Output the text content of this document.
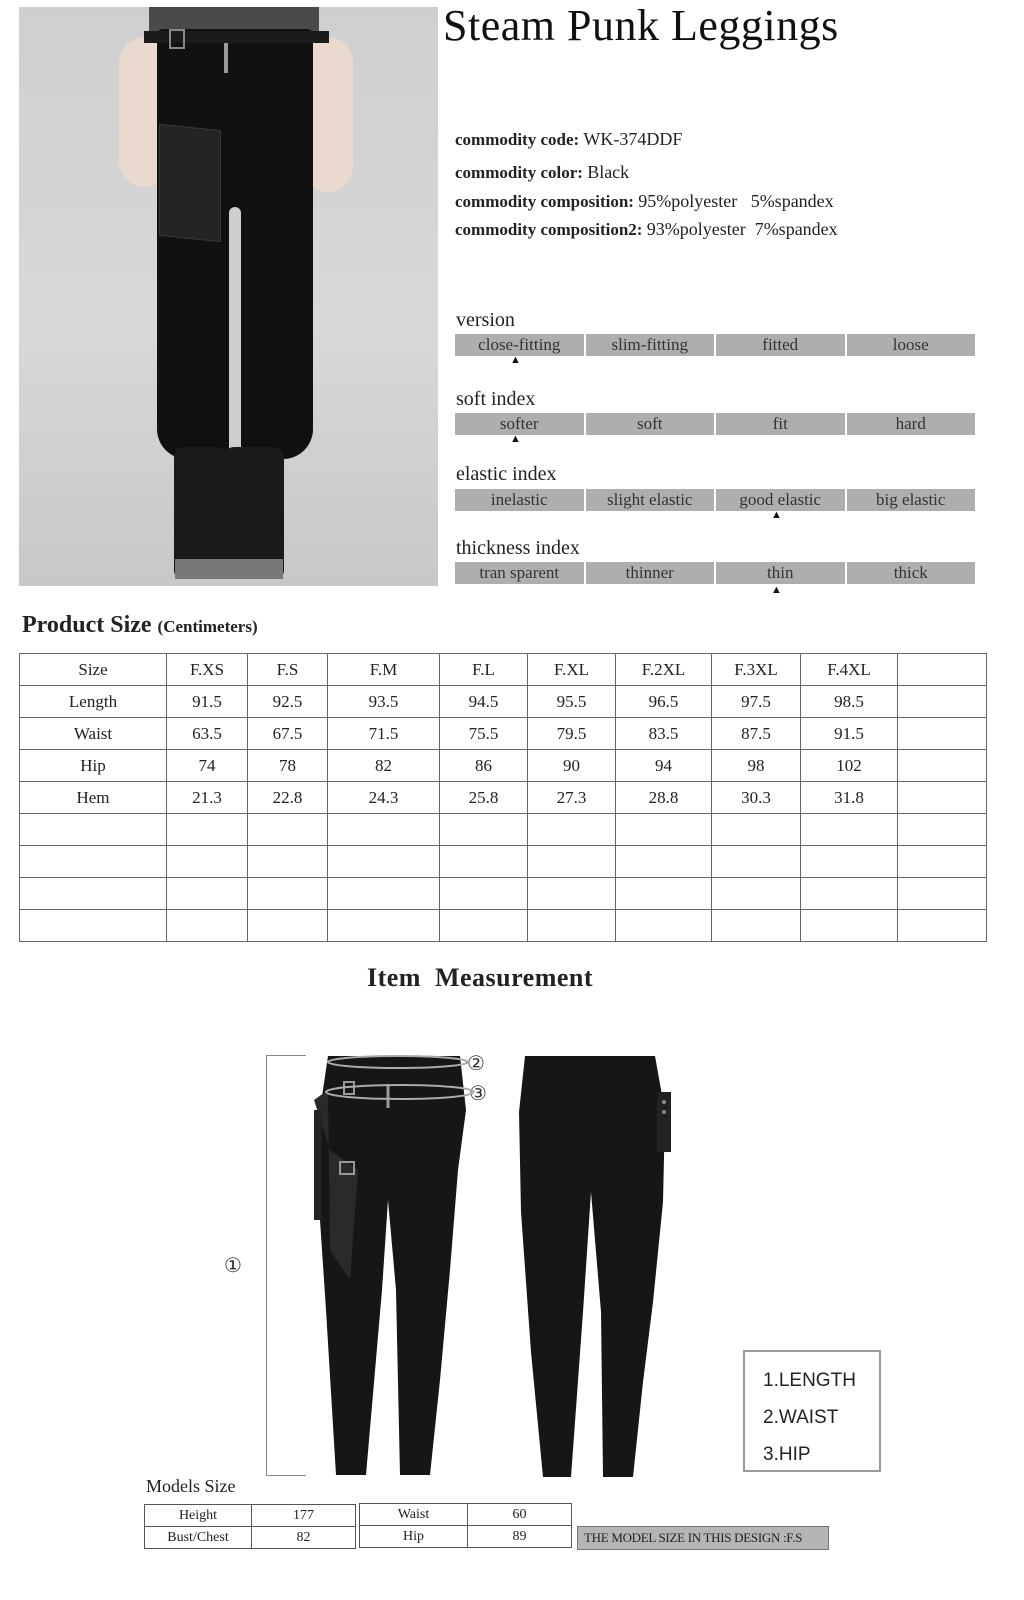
Steam Punk Leggings
commodity code: WK-374DDF
commodity color: Black
commodity composition: 95%polyester   5%spandex
commodity composition2: 93%polyester  7%spandex
version
close-fitting	slim-fitting	fitted	loose
▲
soft index
softer	soft	fit	hard
▲
elastic index
inelastic	slight elastic	good elastic	big elastic
▲
thickness index
tran sparent	thinner	thin	thick
▲
Product Size (Centimeters)
Size	F.XS	F.S	F.M	F.L	F.XL	F.2XL	F.3XL	F.4XL	
Length	91.5	92.5	93.5	94.5	95.5	96.5	97.5	98.5	
Waist	63.5	67.5	71.5	75.5	79.5	83.5	87.5	91.5	
Hip	74	78	82	86	90	94	98	102	
Hem	21.3	22.8	24.3	25.8	27.3	28.8	30.3	31.8	

Item  Measurement
①
②
③
1.LENGTH
2.WAIST
3.HIP
Models Size
Height	177
Bust/Chest	82
Waist	60
Hip	89	THE MODEL SIZE IN THIS DESIGN :F.S
